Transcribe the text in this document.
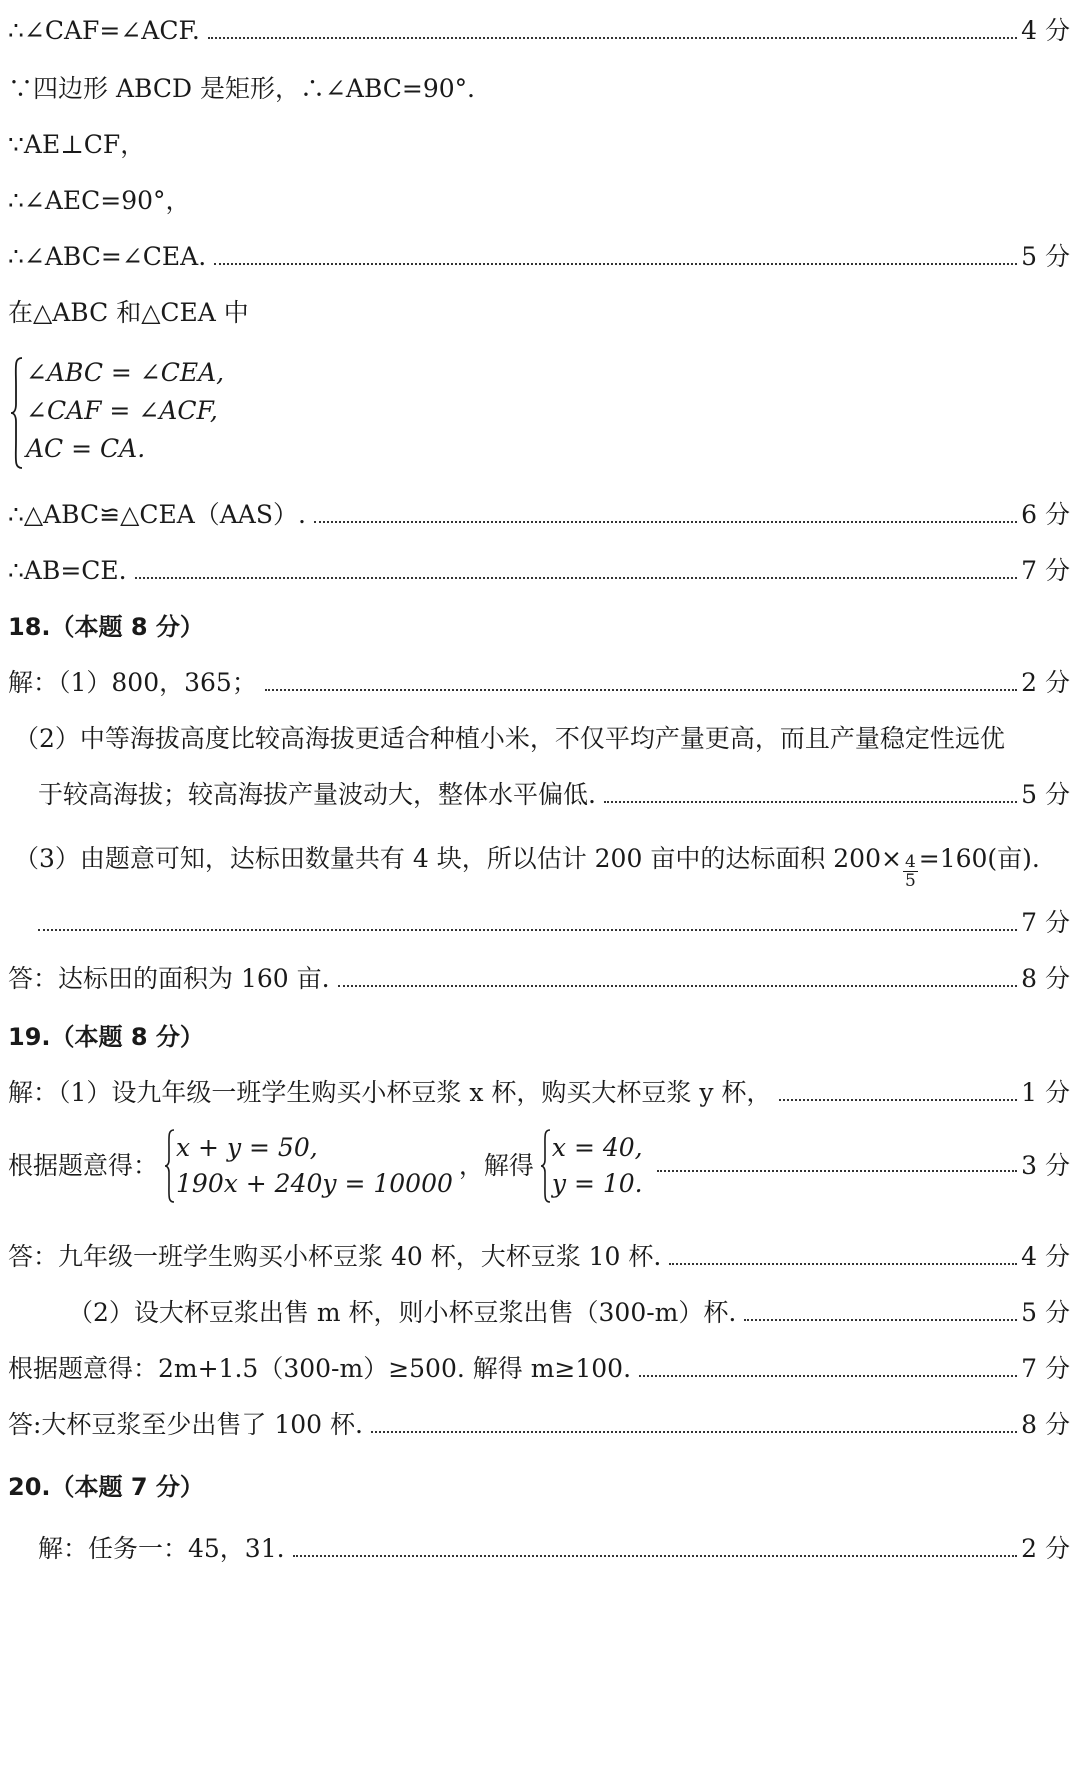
∴∠CAF=∠ACF.	4 分
∵四边形 ABCD 是矩形，∴∠ABC=90°．
∵AE⊥CF，
∴∠AEC=90°，
∴∠ABC=∠CEA.	5 分
在△ABC 和△CEA 中
∠ABC = ∠CEA,
∠CAF = ∠ACF,
AC = CA.
∴△ABC≌△CEA（AAS）.	6 分
∴AB=CE.	7 分
18.（本题 8 分）
解：（1）800，365；	2 分
（2）中等海拔高度比较高海拔更适合种植小米，不仅平均产量更高，而且产量稳定性远优
于较高海拔；较高海拔产量波动大，整体水平偏低.	5 分
（3）由题意可知，达标田数量共有 4 块，所以估计 200 亩中的达标面积 $200\times \frac{4}{5} =160$(亩).
7 分
答：达标田的面积为 160 亩.	8 分
19.（本题 8 分）
解：（1）设九年级一班学生购买小杯豆浆 x 杯，购买大杯豆浆 y 杯，	1 分
根据题意得：
x + y = 50,
190x + 240y = 10000
，解得
x = 40,
y = 10.
3 分
答：九年级一班学生购买小杯豆浆 40 杯，大杯豆浆 10 杯.	4 分
（2）设大杯豆浆出售 m 杯，则小杯豆浆出售（300-m）杯.	5 分
根据题意得：2m+1.5（300-m）≥500. 解得 m≥100.	7 分
答:大杯豆浆至少出售了 100 杯.	8 分
20.（本题 7 分）
解：任务一：45，31.	2 分
